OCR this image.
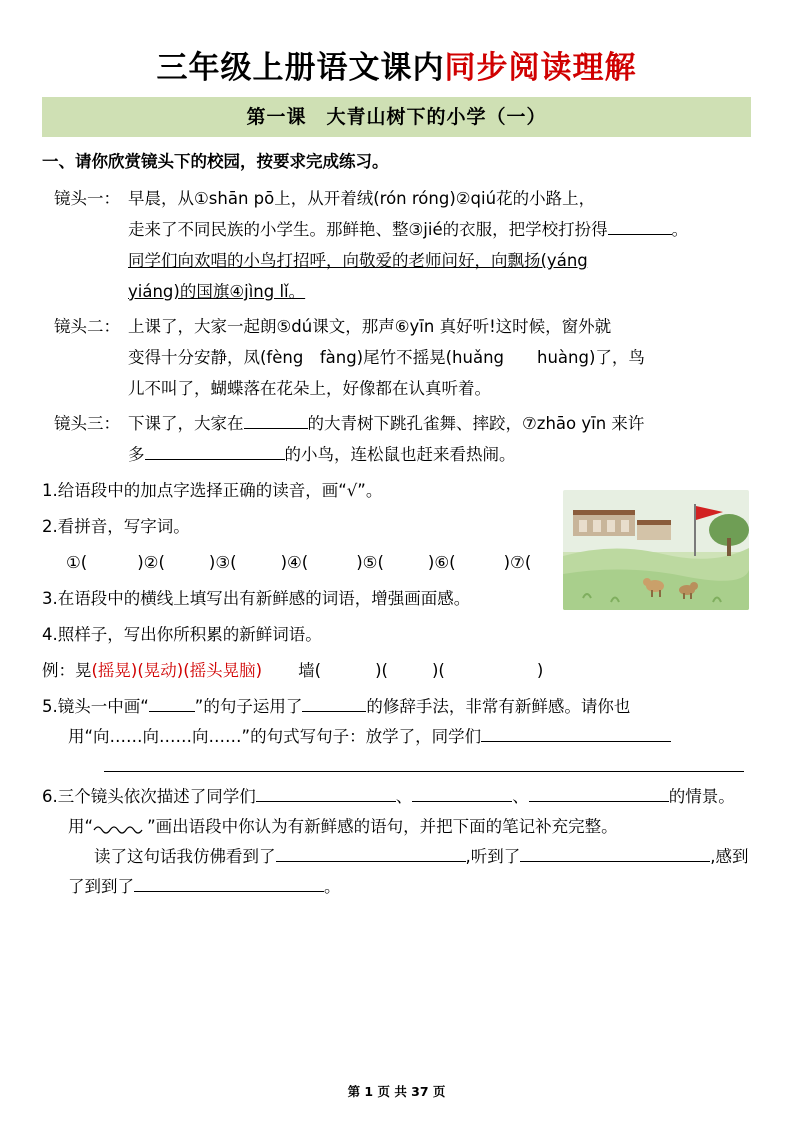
三年级上册语文课内同步阅读理解
第一课　大青山树下的小学（一）
一、请你欣赏镜头下的校园，按要求完成练习。
镜头一： 早晨，从①shān pō上，从开着绒(rón róng)②qiú花的小路上，
走来了不同民族的小学生。那鲜艳、整③jié的衣服，把学校打扮得	。
同学们向欢唱的小鸟打招呼，向敬爱的老师问好，向飘扬(yáng
yiáng)的国旗④jìng lǐ。
镜头二： 上课了，大家一起朗⑤dú课文，那声⑥yīn 真好听!这时候，窗外就
变得十分安静，凤(fèng　fàng)尾竹不摇晃(huǎng　　huàng)了，鸟
儿不叫了，蝴蝶落在花朵上，好像都在认真听着。
镜头三： 下课了，大家在	的大青树下跳孔雀舞、摔跤，⑦zhāo yīn 来许
多	的小鸟，连松鼠也赶来看热闹。
1.给语段中的加点字选择正确的读音，画“√”。
2.看拼音，写字词。
①(	)②(	)③(	)④(	)⑤(	)⑥(	)⑦(
3.在语段中的横线上填写出有新鲜感的词语，增强画面感。
4.照样子，写出你所积累的新鲜词语。
例：晃(摇晃)(晃动)(摇头晃脑) 墙(	)(	)(	)
5.镜头一中画“	”的句子运用了	的修辞手法，非常有新鲜感。请你也
用“向……向……向……”的句式写句子：放学了，同学们
6.三个镜头依次描述了同学们	、	、	的情景。
用“	”画出语段中你认为有新鲜感的语句，并把下面的笔记补充完整。
读了这句话我仿佛看到了	,听到了	,感到
了到到了	。
第 1 页 共 37 页
